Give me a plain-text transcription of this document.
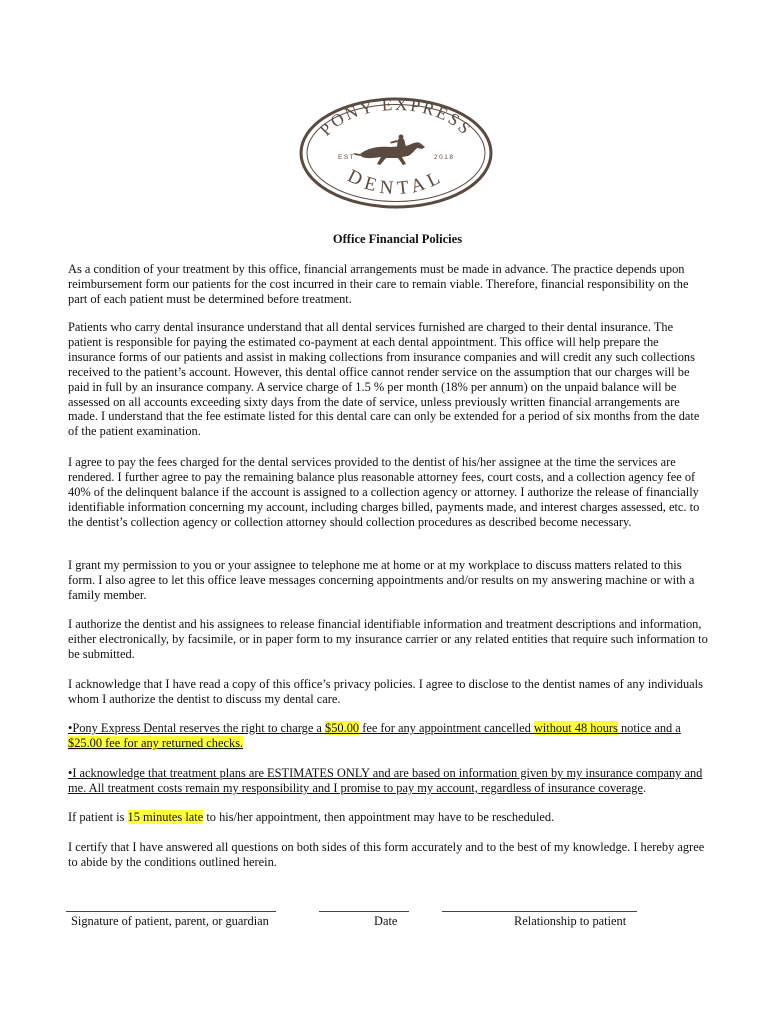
PONY EXPRESS
DENTAL
EST	2018
Office Financial Policies

As a condition of your treatment by this office, financial arrangements must be made in advance. The practice depends upon reimbursement form our patients for the cost incurred in their care to remain viable. Therefore, financial responsibility on the part of each patient must be determined before treatment.

Patients who carry dental insurance understand that all dental services furnished are charged to their dental insurance. The patient is responsible for paying the estimated co-payment at each dental appointment. This office will help prepare the insurance forms of our patients and assist in making collections from insurance companies and will credit any such collections received to the patient’s account. However, this dental office cannot render service on the assumption that our charges will be paid in full by an insurance company. A service charge of 1.5 % per month (18% per annum) on the unpaid balance will be assessed on all accounts exceeding sixty days from the date of service, unless previously written financial arrangements are made. I understand that the fee estimate listed for this dental care can only be extended for a period of six months from the date of the patient examination.

I agree to pay the fees charged for the dental services provided to the dentist of his/her assignee at the time the services are rendered. I further agree to pay the remaining balance plus reasonable attorney fees, court costs, and a collection agency fee of 40% of the delinquent balance if the account is assigned to a collection agency or attorney. I authorize the release of financially identifiable information concerning my account, including charges billed, payments made, and interest charges assessed, etc. to the dentist’s collection agency or collection attorney should collection procedures as described become necessary.

I grant my permission to you or your assignee to telephone me at home or at my workplace to discuss matters related to this form. I also agree to let this office leave messages concerning appointments and/or results on my answering machine or with a family member.

I authorize the dentist and his assignees to release financial identifiable information and treatment descriptions and information, either electronically, by facsimile, or in paper form to my insurance carrier or any related entities that require such information to be submitted.

I acknowledge that I have read a copy of this office’s privacy policies. I agree to disclose to the dentist names of any individuals whom I authorize the dentist to discuss my dental care.

•Pony Express Dental reserves the right to charge a $50.00 fee for any appointment cancelled without 48 hours notice and a $25.00 fee for any returned checks.

•I acknowledge that treatment plans are ESTIMATES ONLY and are based on information given by my insurance company and me. All treatment costs remain my responsibility and I promise to pay my account, regardless of insurance coverage.

If patient is 15 minutes late to his/her appointment, then appointment may have to be rescheduled.

I certify that I have answered all questions on both sides of this form accurately and to the best of my knowledge. I hereby agree to abide by the conditions outlined herein.

Signature of patient, parent, or guardian	Date	Relationship to patient
